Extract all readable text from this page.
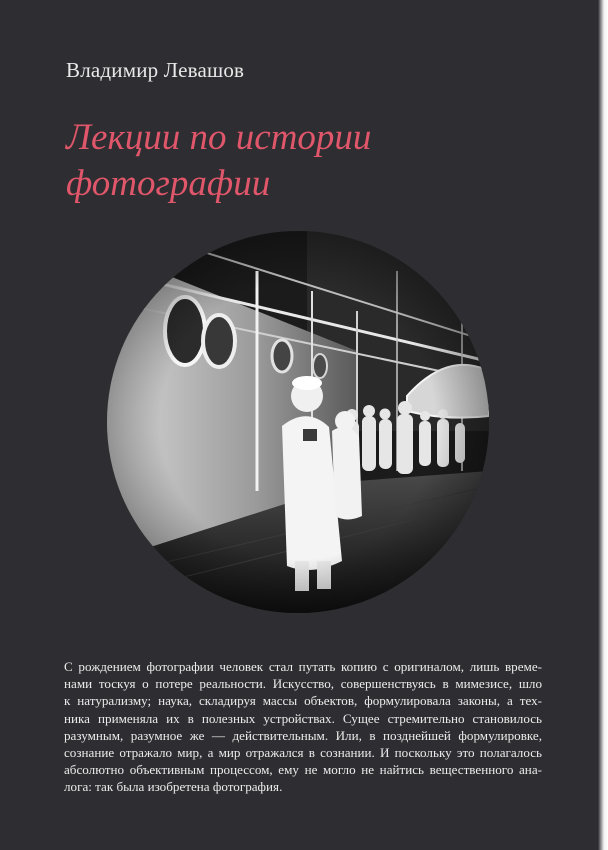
Владимир Левашов
Лекции по истории
фотографии
С рождением фотографии человек стал путать копию с оригиналом, лишь време-
нами тоскуя о потере реальности. Искусство, совершенствуясь в мимезисе, шло
к натурализму; наука, складируя массы объектов, формулировала законы, а тех-
ника применяла их в полезных устройствах. Сущее стремительно становилось
разумным, разумное же — действительным. Или, в позднейшей формулировке,
сознание отражало мир, а мир отражался в сознании. И поскольку это полагалось
абсолютно объективным процессом, ему не могло не найтись вещественного ана-
лога: так была изобретена фотография.
